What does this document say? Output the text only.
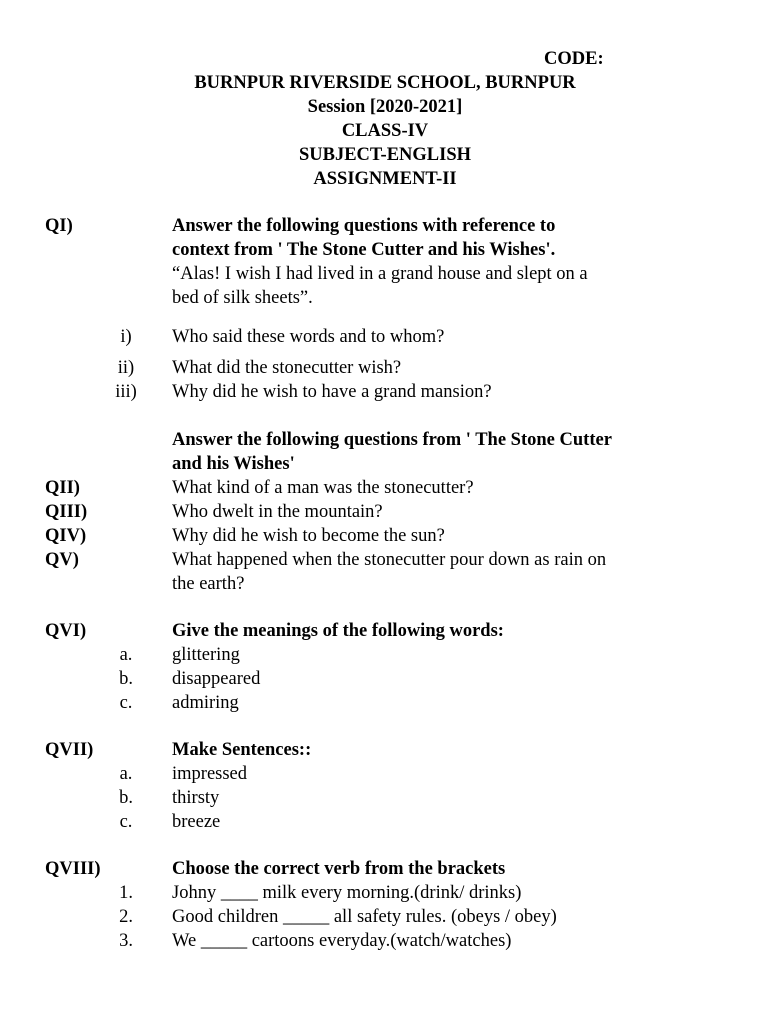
CODE:
BURNPUR RIVERSIDE SCHOOL, BURNPUR
Session [2020-2021]
CLASS-IV
SUBJECT-ENGLISH
ASSIGNMENT-II
QI)	Answer the following questions with reference to
context from ' The Stone Cutter and his Wishes'.
“Alas! I wish I had lived in a grand house and slept on a
bed of silk sheets”.
i)	Who said these words and to whom?
ii)	What did the stonecutter wish?
iii)	Why did he wish to have a grand mansion?
Answer the following questions from ' The Stone Cutter
and his Wishes'
QII)	What kind of a man was the stonecutter?
QIII)	Who dwelt in the mountain?
QIV)	Why did he wish to become the sun?
QV)	What happened when the stonecutter pour down as rain on
the earth?
QVI)	Give the meanings of the following words:
a.	glittering
b.	disappeared
c.	admiring
QVII)	Make Sentences::
a.	impressed
b.	thirsty
c.	breeze
QVIII)	Choose the correct verb from the brackets
1.	Johny ____ milk every morning.(drink/ drinks)
2.	Good children _____ all safety rules. (obeys / obey)
3.	We _____ cartoons everyday.(watch/watches)
